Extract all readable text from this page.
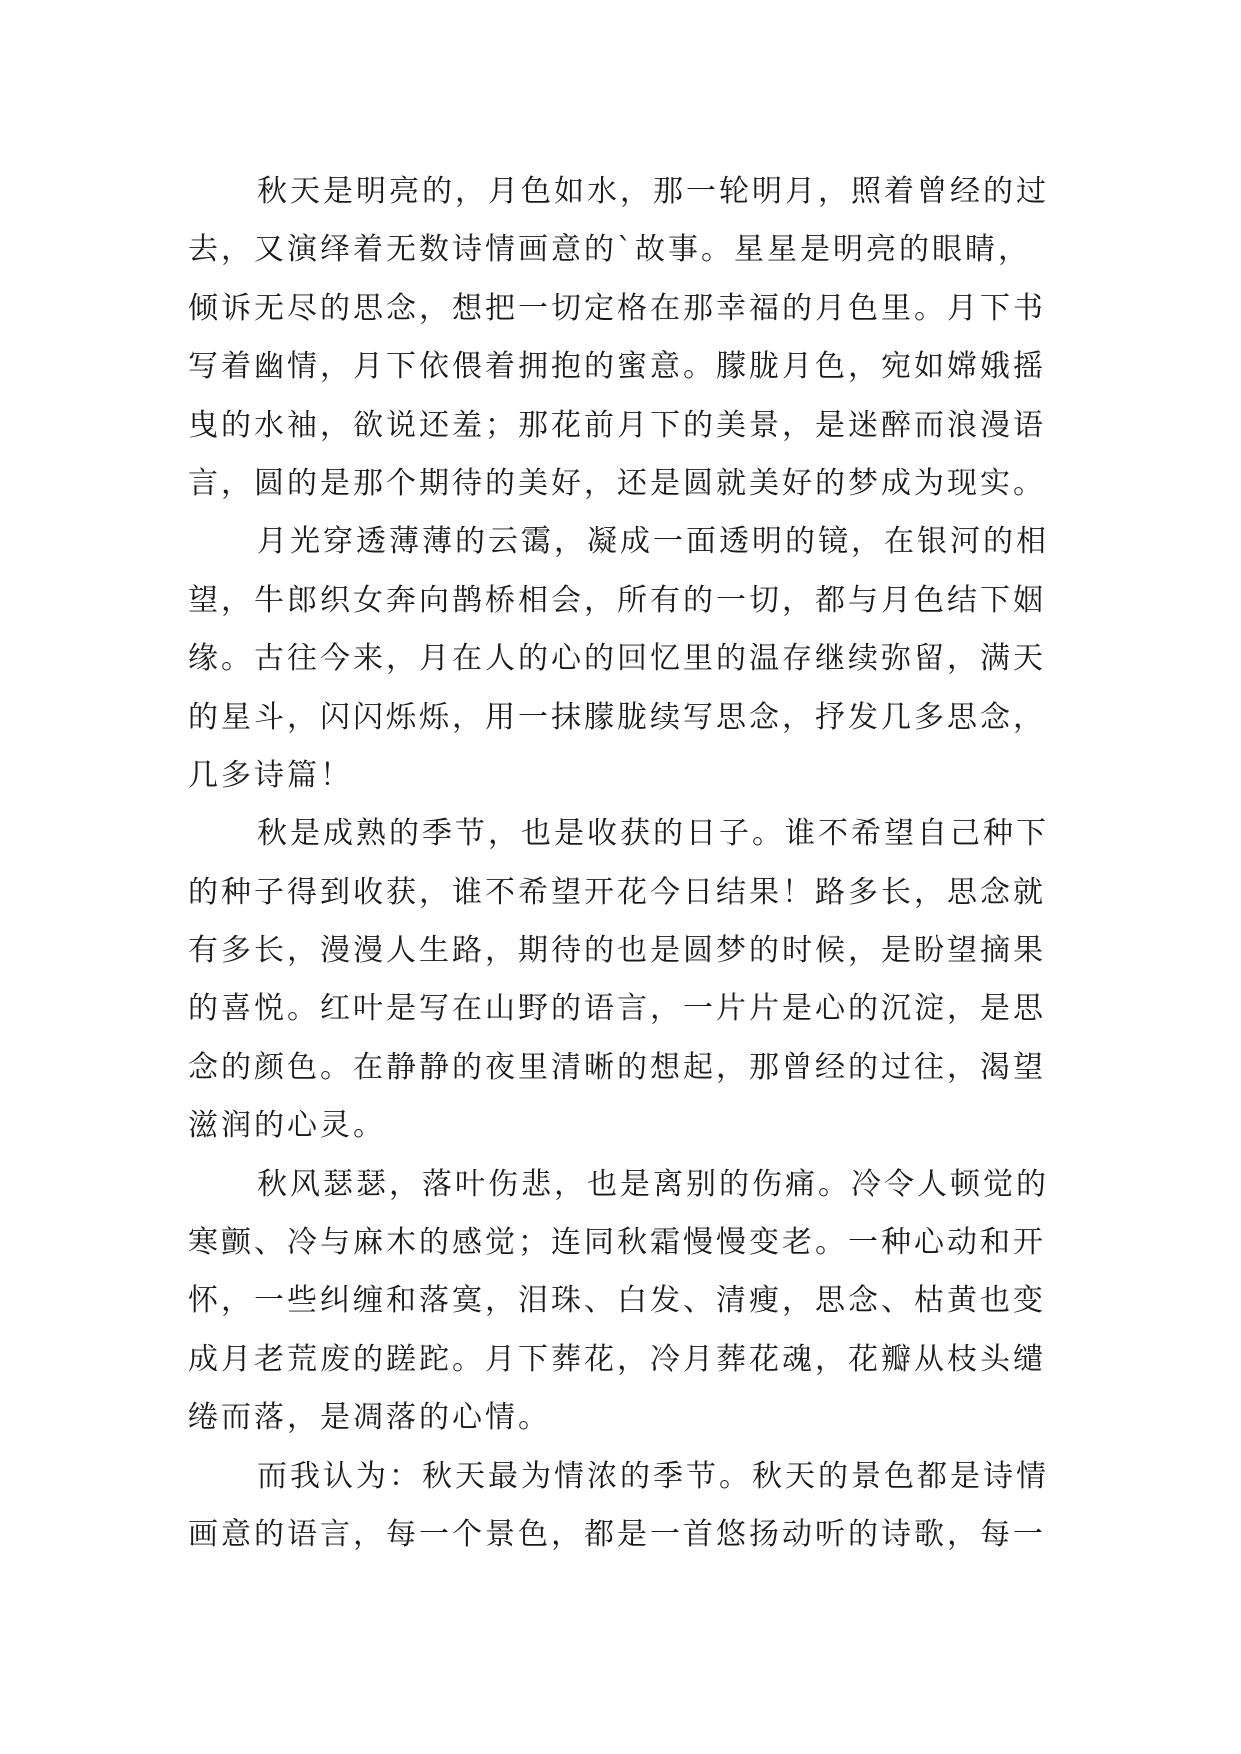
秋天是明亮的，月色如水，那一轮明月，照着曾经的过
去，又演绎着无数诗情画意的`故事。星星是明亮的眼睛，
倾诉无尽的思念，想把一切定格在那幸福的月色里。月下书
写着幽情，月下依偎着拥抱的蜜意。朦胧月色，宛如嫦娥摇
曳的水袖，欲说还羞；那花前月下的美景，是迷醉而浪漫语
言，圆的是那个期待的美好，还是圆就美好的梦成为现实。
月光穿透薄薄的云霭，凝成一面透明的镜，在银河的相
望，牛郎织女奔向鹊桥相会，所有的一切，都与月色结下姻
缘。古往今来，月在人的心的回忆里的温存继续弥留，满天
的星斗，闪闪烁烁，用一抹朦胧续写思念，抒发几多思念，
几多诗篇！
秋是成熟的季节，也是收获的日子。谁不希望自己种下
的种子得到收获，谁不希望开花今日结果！路多长，思念就
有多长，漫漫人生路，期待的也是圆梦的时候，是盼望摘果
的喜悦。红叶是写在山野的语言，一片片是心的沉淀，是思
念的颜色。在静静的夜里清晰的想起，那曾经的过往，渴望
滋润的心灵。
秋风瑟瑟，落叶伤悲，也是离别的伤痛。冷令人顿觉的
寒颤、冷与麻木的感觉；连同秋霜慢慢变老。一种心动和开
怀，一些纠缠和落寞，泪珠、白发、清瘦，思念、枯黄也变
成月老荒废的蹉跎。月下葬花，冷月葬花魂，花瓣从枝头缱
绻而落，是凋落的心情。
而我认为：秋天最为情浓的季节。秋天的景色都是诗情
画意的语言，每一个景色，都是一首悠扬动听的诗歌，每一
